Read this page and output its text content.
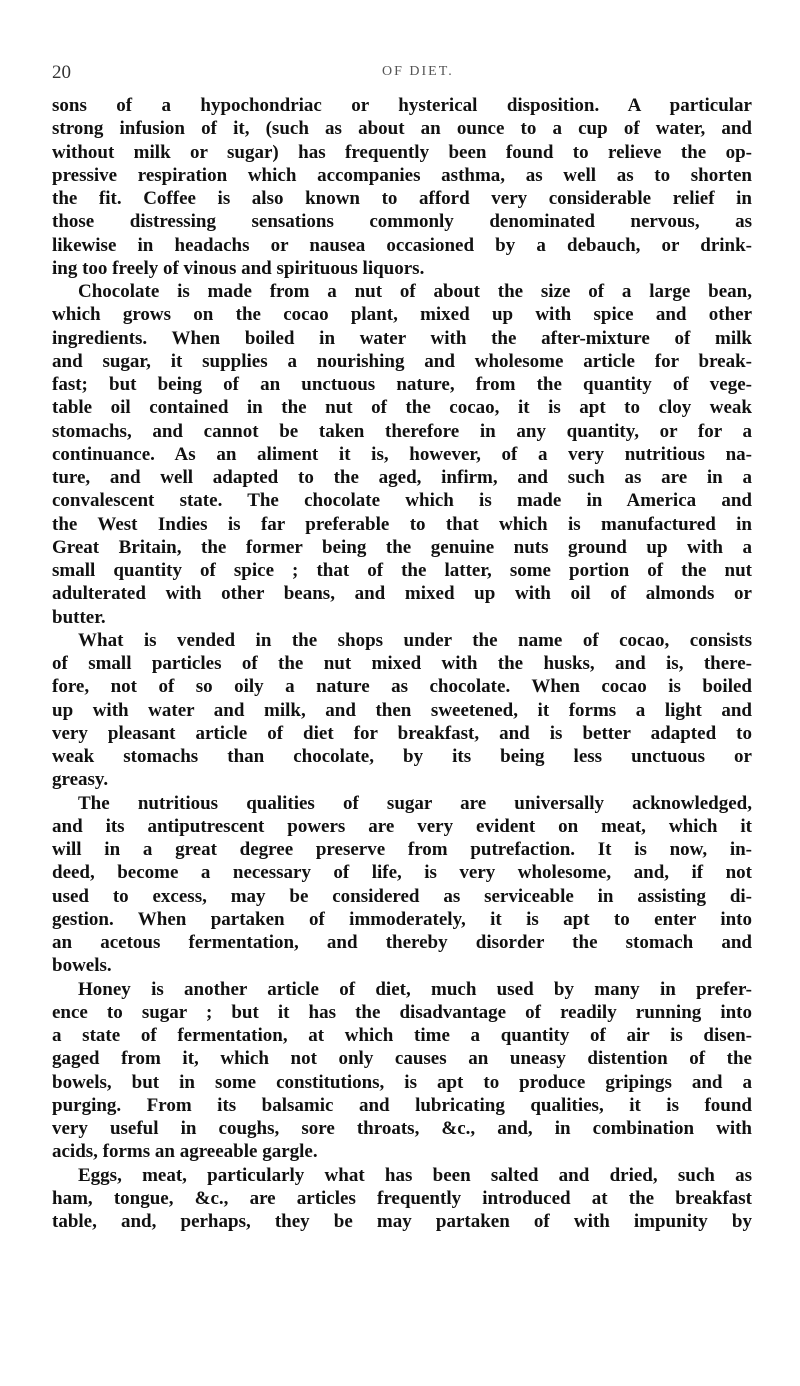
20	OF DIET.
sons of a hypochondriac or hysterical disposition. A particular
strong infusion of it, (such as about an ounce to a cup of water, and
without milk or sugar) has frequently been found to relieve the op-
pressive respiration which accompanies asthma, as well as to shorten
the fit. Coffee is also known to afford very considerable relief in
those distressing sensations commonly denominated nervous, as
likewise in headachs or nausea occasioned by a debauch, or drink-
ing too freely of vinous and spirituous liquors.
Chocolate is made from a nut of about the size of a large bean,
which grows on the cocao plant, mixed up with spice and other
ingredients. When boiled in water with the after-mixture of milk
and sugar, it supplies a nourishing and wholesome article for break-
fast; but being of an unctuous nature, from the quantity of vege-
table oil contained in the nut of the cocao, it is apt to cloy weak
stomachs, and cannot be taken therefore in any quantity, or for a
continuance. As an aliment it is, however, of a very nutritious na-
ture, and well adapted to the aged, infirm, and such as are in a
convalescent state. The chocolate which is made in America and
the West Indies is far preferable to that which is manufactured in
Great Britain, the former being the genuine nuts ground up with a
small quantity of spice ; that of the latter, some portion of the nut
adulterated with other beans, and mixed up with oil of almonds or
butter.
What is vended in the shops under the name of cocao, consists
of small particles of the nut mixed with the husks, and is, there-
fore, not of so oily a nature as chocolate. When cocao is boiled
up with water and milk, and then sweetened, it forms a light and
very pleasant article of diet for breakfast, and is better adapted to
weak stomachs than chocolate, by its being less unctuous or
greasy.
The nutritious qualities of sugar are universally acknowledged,
and its antiputrescent powers are very evident on meat, which it
will in a great degree preserve from putrefaction. It is now, in-
deed, become a necessary of life, is very wholesome, and, if not
used to excess, may be considered as serviceable in assisting di-
gestion. When partaken of immoderately, it is apt to enter into
an acetous fermentation, and thereby disorder the stomach and
bowels.
Honey is another article of diet, much used by many in prefer-
ence to sugar ; but it has the disadvantage of readily running into
a state of fermentation, at which time a quantity of air is disen-
gaged from it, which not only causes an uneasy distention of the
bowels, but in some constitutions, is apt to produce gripings and a
purging. From its balsamic and lubricating qualities, it is found
very useful in coughs, sore throats, &c., and, in combination with
acids, forms an agreeable gargle.
Eggs, meat, particularly what has been salted and dried, such as
ham, tongue, &c., are articles frequently introduced at the breakfast
table, and, perhaps, they be may partaken of with impunity by
